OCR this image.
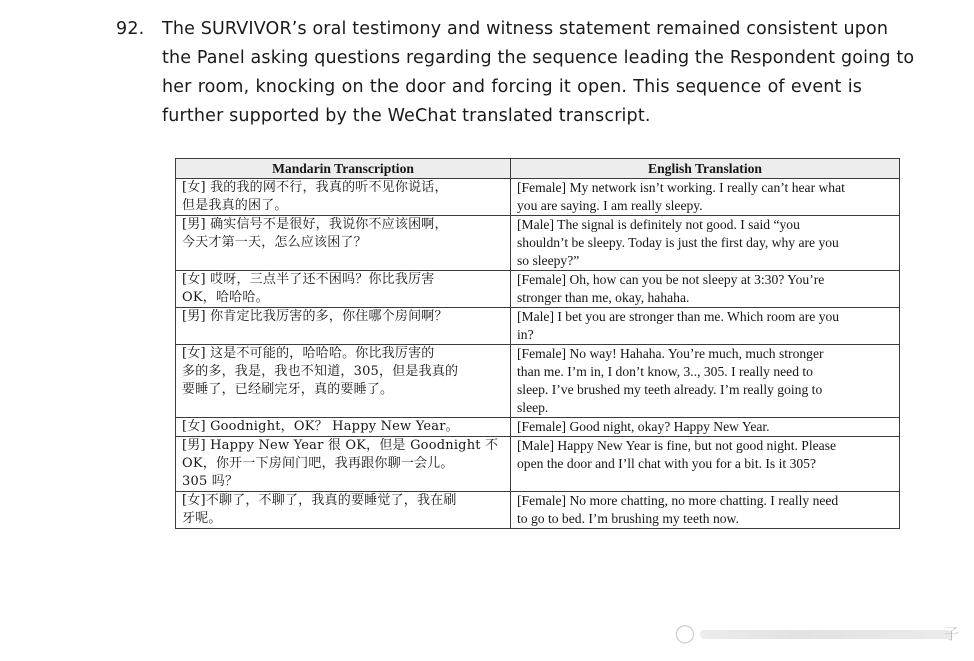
92. The SURVIVOR’s oral testimony and witness statement remained consistent upon
the Panel asking questions regarding the sequence leading the Respondent going to
her room, knocking on the door and forcing it open. This sequence of event is
further supported by the WeChat translated transcript.
Mandarin Transcription	English Translation

[女] 我的我的网不行，我真的听不见你说话，
但是我真的困了。	[Female] My network isn’t working. I really can’t hear what
you are saying. I am really sleepy.

[男] 确实信号不是很好，我说你不应该困啊，
今天才第一天，怎么应该困了？	[Male] The signal is definitely not good. I said “you
shouldn’t be sleepy. Today is just the first day, why are you
so sleepy?”

[女] 哎呀，三点半了还不困吗？你比我厉害
OK，哈哈哈。	[Female] Oh, how can you be not sleepy at 3:30? You’re
stronger than me, okay, hahaha.

[男] 你肯定比我厉害的多，你住哪个房间啊？	[Male] I bet you are stronger than me. Which room are you
in?

[女] 这是不可能的，哈哈哈。你比我厉害的
多的多，我是，我也不知道，305，但是我真的
要睡了，已经刷完牙，真的要睡了。	[Female] No way! Hahaha. You’re much, much stronger
than me. I’m in, I don’t know, 3.., 305. I really need to
sleep. I’ve brushed my teeth already. I’m really going to
sleep.

[女] Goodnight，OK？ Happy New Year。	[Female] Good night, okay? Happy New Year.

[男] Happy New Year 很 OK，但是 Goodnight 不
OK，你开一下房间门吧，我再跟你聊一会儿。
305 吗？	[Male] Happy New Year is fine, but not good night. Please
open the door and I’ll chat with you for a bit. Is it 305?

[女]不聊了，不聊了，我真的要睡觉了，我在刷
牙呢。	[Female] No more chatting, no more chatting. I really need
to go to bed. I’m brushing my teeth now.
◯	子
